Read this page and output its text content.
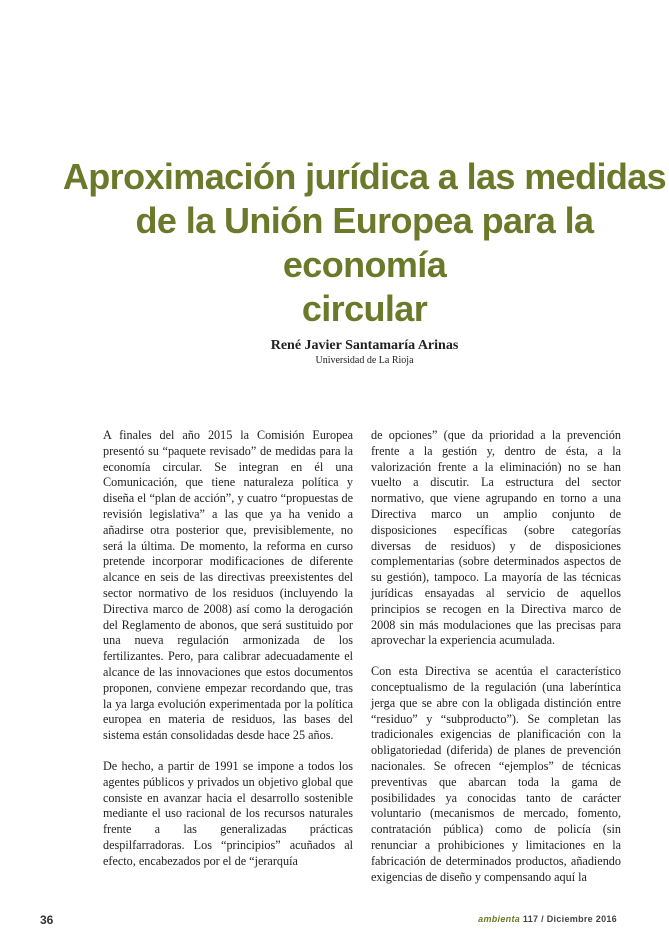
Aproximación jurídica a las medidas
de la Unión Europea para la economía
circular
René Javier Santamaría Arinas
Universidad de La Rioja

A finales del año 2015 la Comisión Europea presentó su “paquete revisado” de medidas para la economía circular. Se integran en él una Comunicación, que tiene naturaleza política y diseña el “plan de acción”, y cuatro “propuestas de revisión legislativa” a las que ya ha venido a añadirse otra posterior que, previsiblemente, no será la última. De momento, la reforma en curso pretende incorporar modificaciones de diferente alcance en seis de las directivas preexistentes del sector normativo de los residuos (incluyendo la Directiva marco de 2008) así como la derogación del Reglamento de abonos, que será sustituido por una nueva regulación armonizada de los fertilizantes. Pero, para calibrar adecuadamente el alcance de las innovaciones que estos documentos proponen, conviene empezar recordando que, tras la ya larga evolución experimentada por la política europea en materia de residuos, las bases del sistema están consolidadas desde hace 25 años.

De hecho, a partir de 1991 se impone a todos los agentes públicos y privados un objetivo global que consiste en avanzar hacia el desarrollo sostenible mediante el uso racional de los recursos naturales frente a las generalizadas prácticas despilfarradoras. Los “principios” acuñados al efecto, encabezados por el de “jerarquía

de opciones” (que da prioridad a la prevención frente a la gestión y, dentro de ésta, a la valorización frente a la eliminación) no se han vuelto a discutir. La estructura del sector normativo, que viene agrupando en torno a una Directiva marco un amplio conjunto de disposiciones específicas (sobre categorías diversas de residuos) y de disposiciones complementarias (sobre determinados aspectos de su gestión), tampoco. La mayoría de las técnicas jurídicas ensayadas al servicio de aquellos principios se recogen en la Directiva marco de 2008 sin más modulaciones que las precisas para aprovechar la experiencia acumulada.

Con esta Directiva se acentúa el característico conceptualismo de la regulación (una laberíntica jerga que se abre con la obligada distinción entre “residuo” y “subproducto”). Se completan las tradicionales exigencias de planificación con la obligatoriedad (diferida) de planes de prevención nacionales. Se ofrecen “ejemplos” de técnicas preventivas que abarcan toda la gama de posibilidades ya conocidas tanto de carácter voluntario (mecanismos de mercado, fomento, contratación pública) como de policía (sin renunciar a prohibiciones y limitaciones en la fabricación de determinados productos, añadiendo exigencias de diseño y compensando aquí la

36	ambienta 117 / Diciembre 2016
